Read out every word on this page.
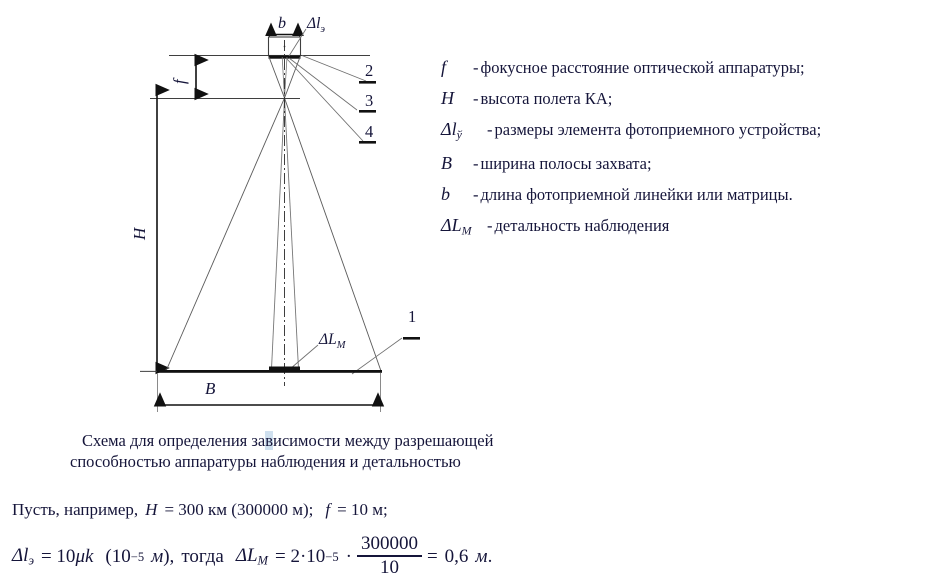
b $\Delta l_э$
f
H
2
3
4
1
$\Delta L_M$
B
f - фокусное расстояние оптической аппаратуры;
H - высота полета КА;
$\Delta l_ў$ - размеры элемента фотоприемного устройства;
B - ширина полосы захвата;
b - длина фотоприемной линейки или матрицы.
$\Delta L_M$ - детальность наблюдения
Схема для определения зависимости между разрешающей
способностью аппаратуры наблюдения и детальностью
Пусть, например, H = 300 км (300000 м); f = 10 м;
$\Delta l_э = 10$ μ k (10 −5 м ), тогда $\Delta L_M = 2 \cdot 10 -5 \cdot \frac{300000}{10} = 0,6$ м .
